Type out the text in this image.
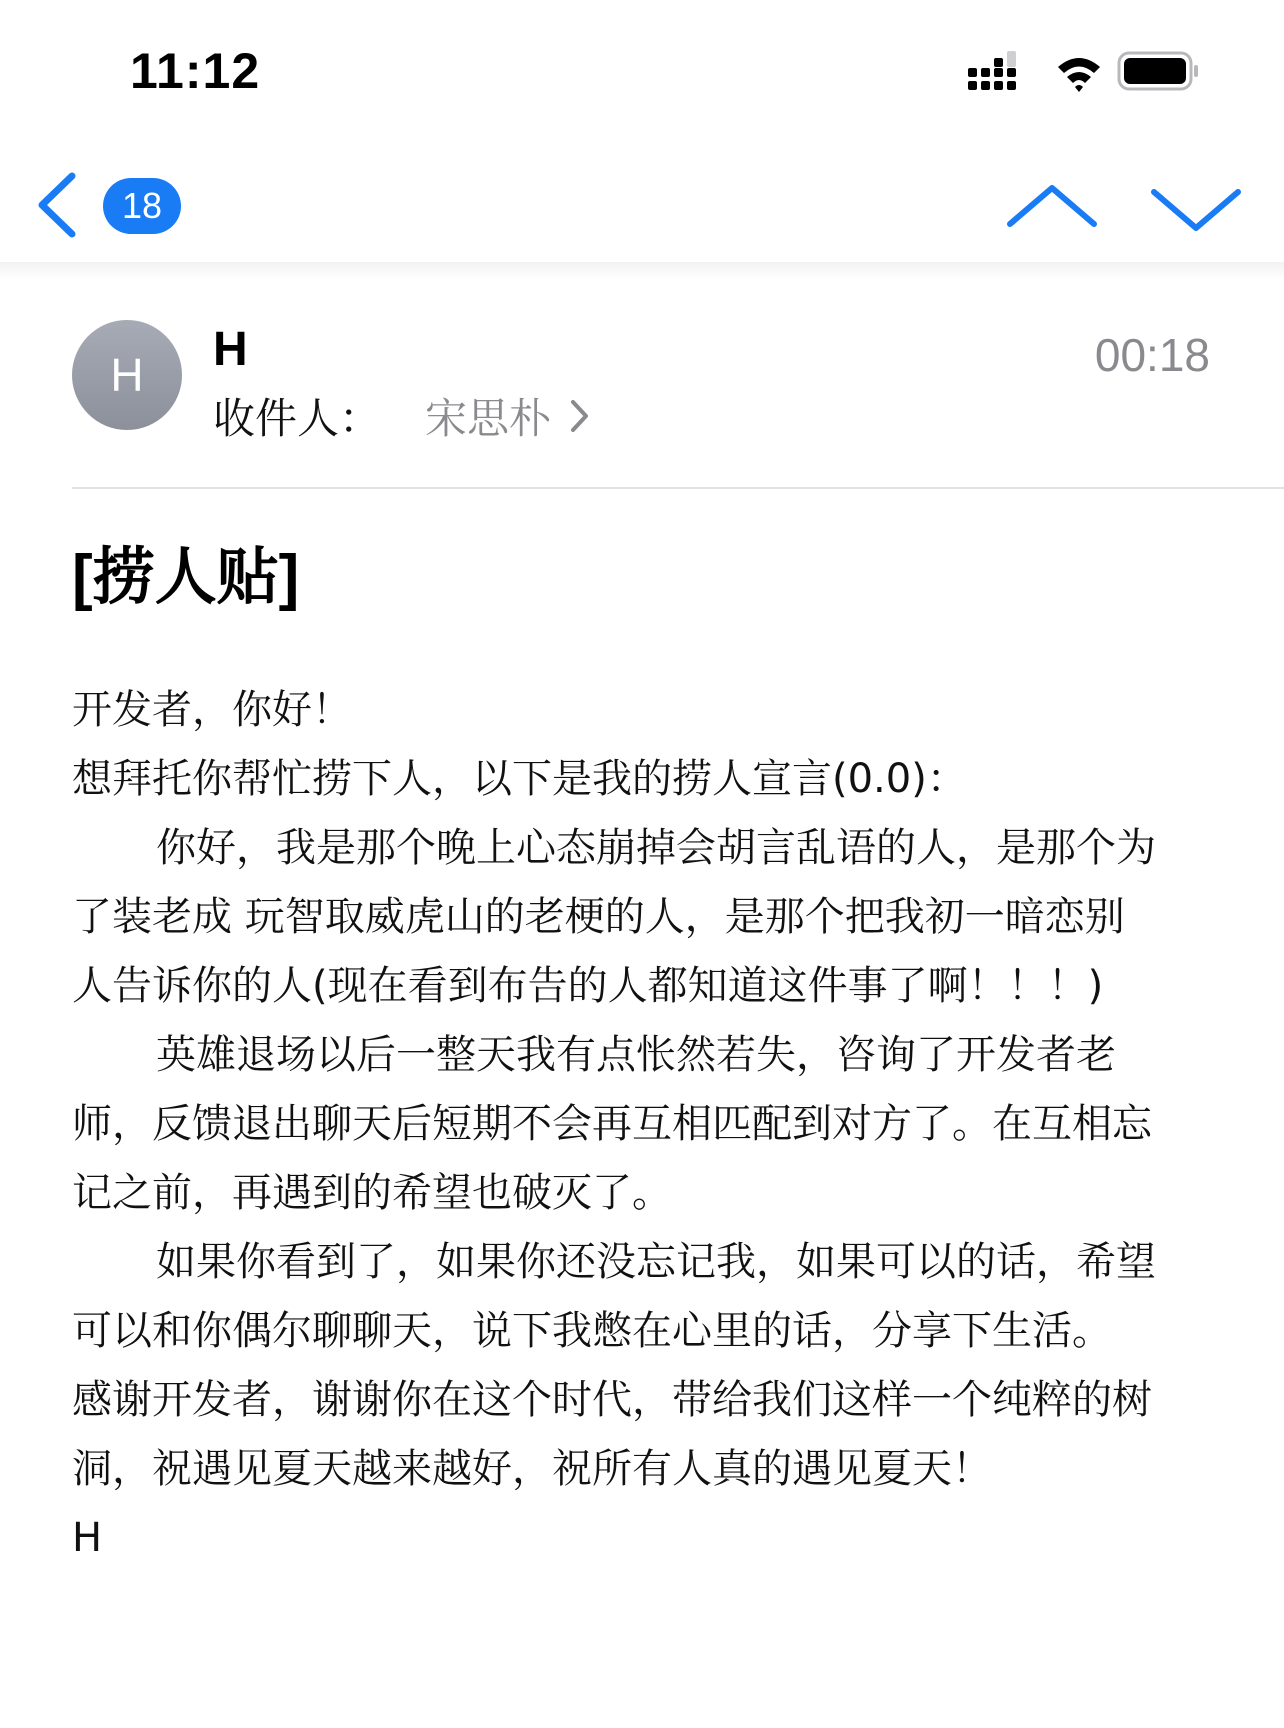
11:12
18
H	H	00:18
收件人： 宋思朴
[捞人贴]

开发者，你好！

想拜托你帮忙捞下人，以下是我的捞人宣言(0.0)：

你好，我是那个晚上心态崩掉会胡言乱语的人，是那个为

了装老成 玩智取威虎山的老梗的人，是那个把我初一暗恋别

人告诉你的人(现在看到布告的人都知道这件事了啊！！！)

英雄退场以后一整天我有点怅然若失，咨询了开发者老

师，反馈退出聊天后短期不会再互相匹配到对方了。在互相忘

记之前，再遇到的希望也破灭了。

如果你看到了，如果你还没忘记我，如果可以的话，希望

可以和你偶尔聊聊天，说下我憋在心里的话，分享下生活。

感谢开发者，谢谢你在这个时代，带给我们这样一个纯粹的树

洞，祝遇见夏天越来越好，祝所有人真的遇见夏天！

H
